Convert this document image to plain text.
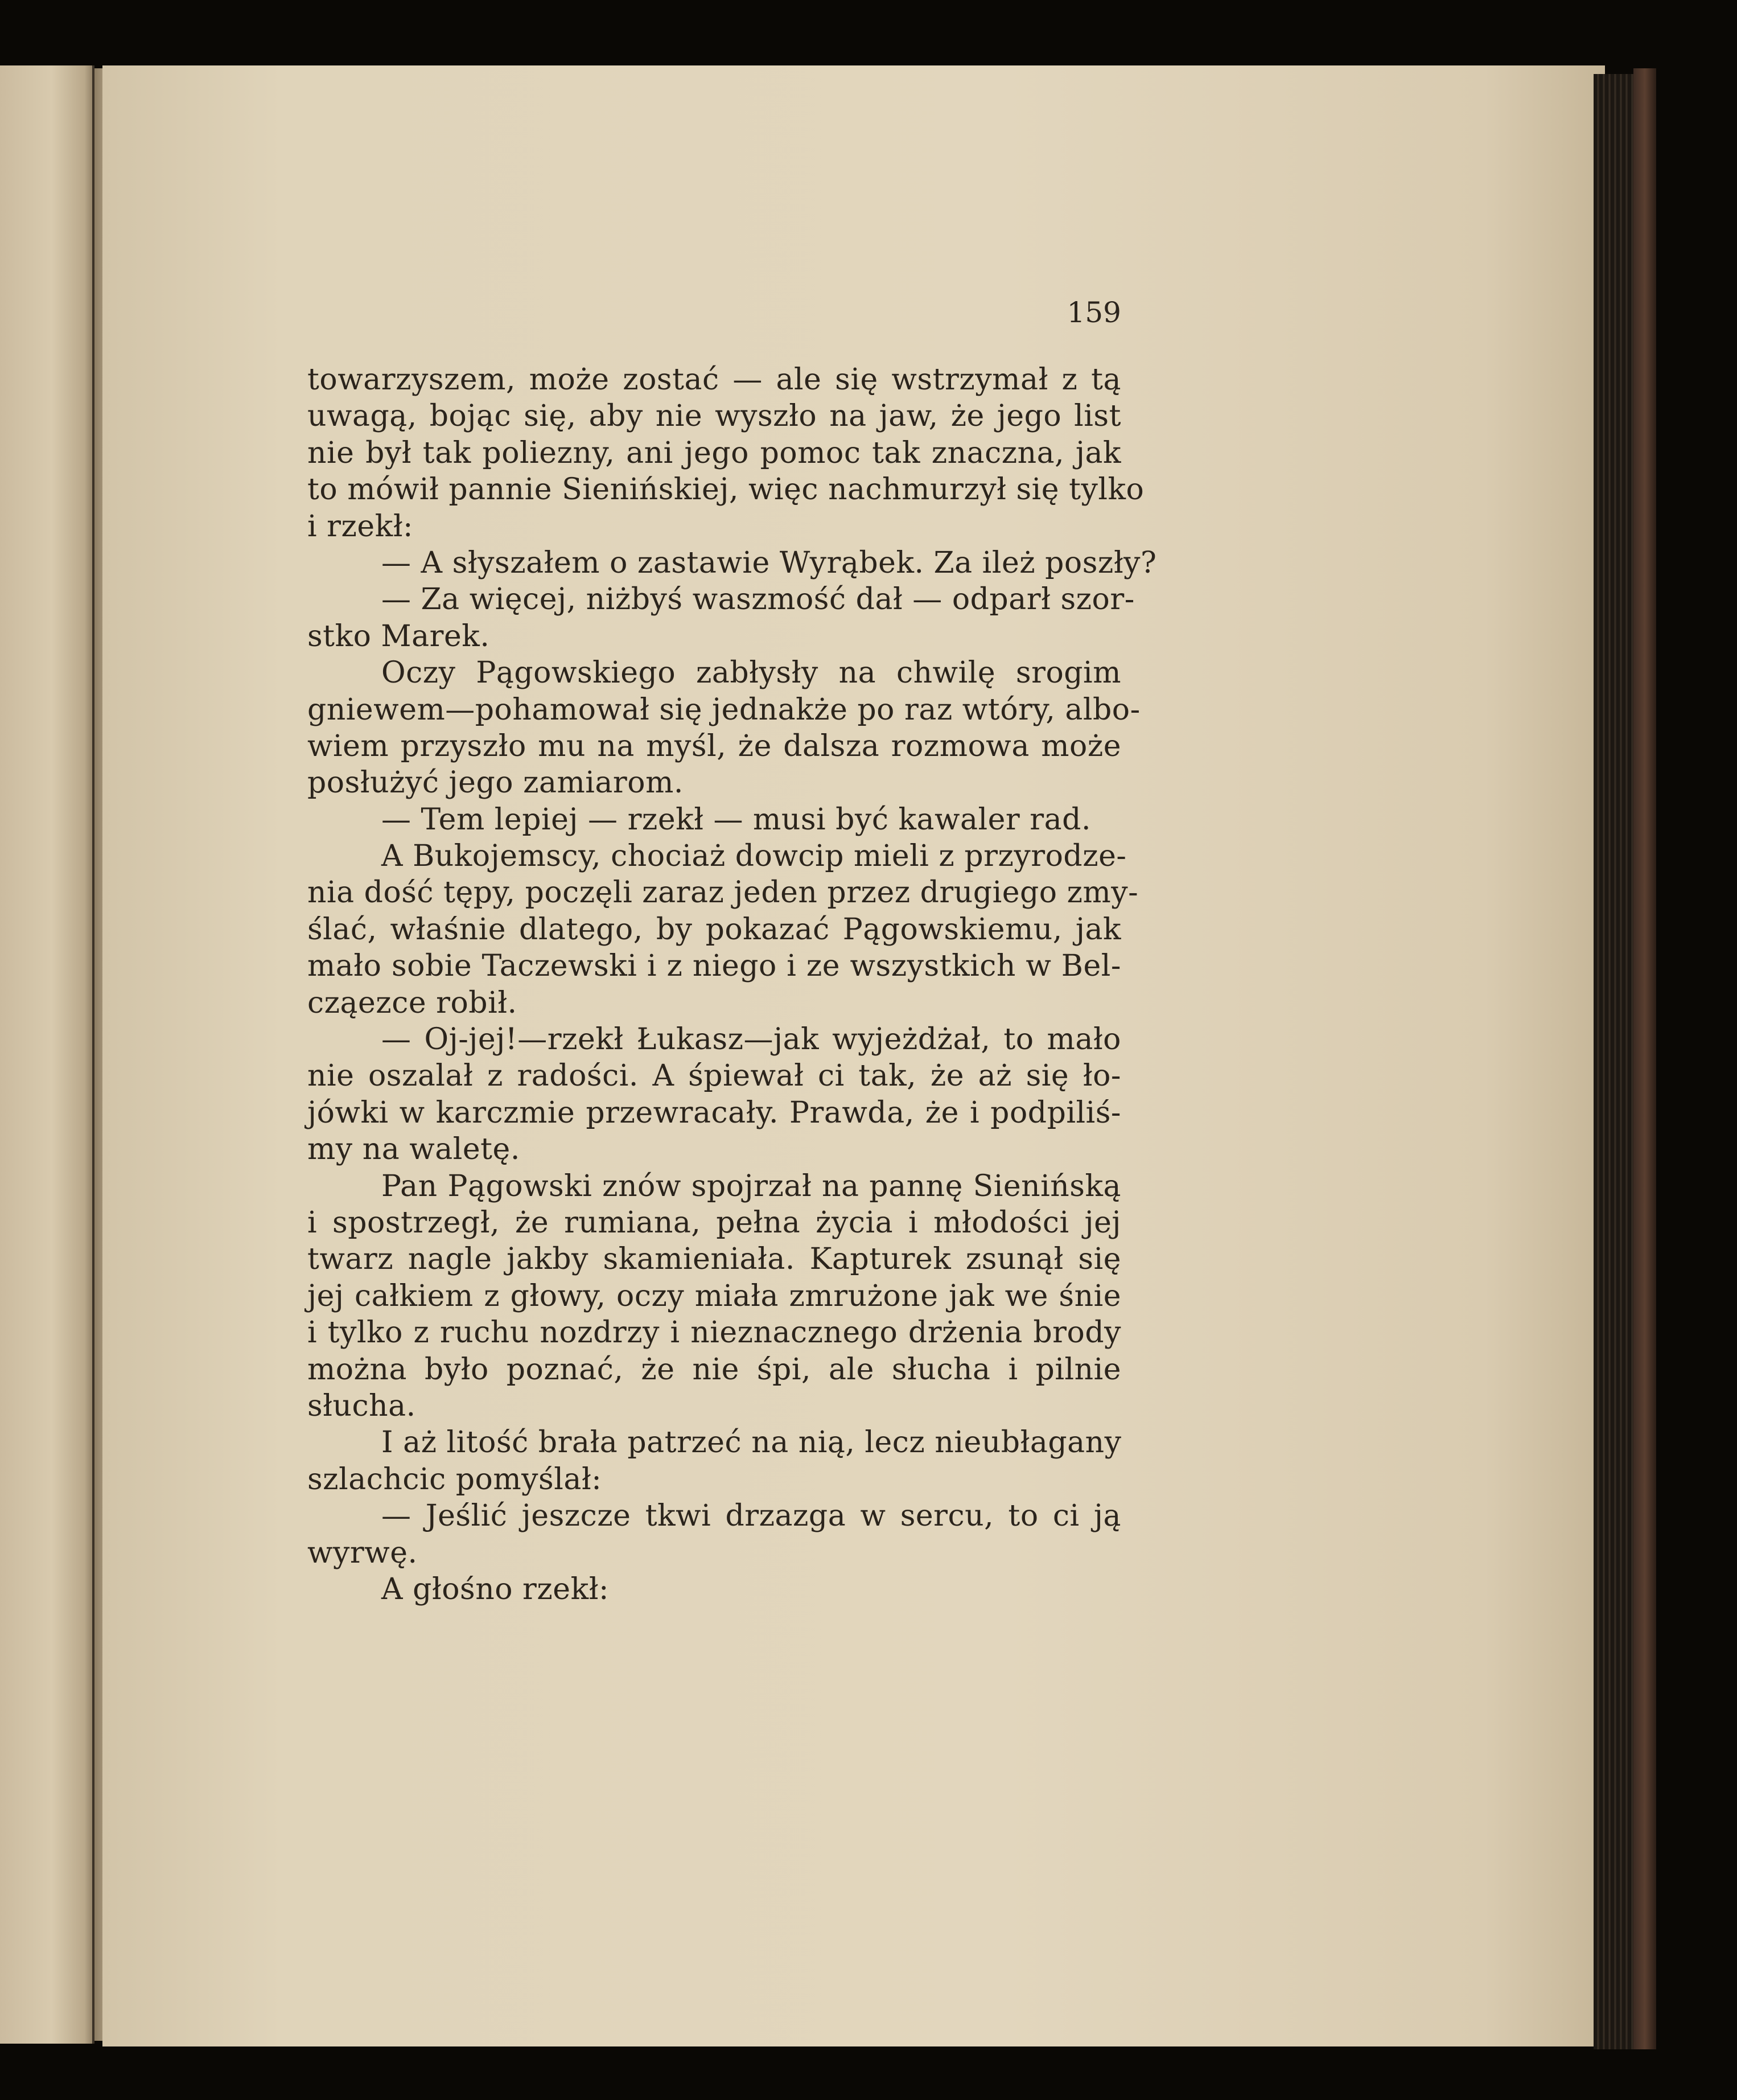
159
towarzyszem, może zostać — ale się wstrzymał z tą
uwagą, bojąc się, aby nie wyszło na jaw, że jego list
nie był tak poliezny, ani jego pomoc tak znaczna, jak
to mówił pannie Sienińskiej, więc nachmurzył się tylko
i rzekł:
— A słyszałem o zastawie Wyrąbek. Za ileż poszły?
— Za więcej, niżbyś waszmość dał — odparł szor-
stko Marek.
Oczy Pągowskiego zabłysły na chwilę srogim
gniewem—pohamował się jednakże po raz wtóry, albo-
wiem przyszło mu na myśl, że dalsza rozmowa może
posłużyć jego zamiarom.
— Tem lepiej — rzekł — musi być kawaler rad.
A Bukojemscy, chociaż dowcip mieli z przyrodze-
nia dość tępy, poczęli zaraz jeden przez drugiego zmy-
ślać, właśnie dlatego, by pokazać Pągowskiemu, jak
mało sobie Taczewski i z niego i ze wszystkich w Bel-
cząezce robił.
— Oj-jej!—rzekł Łukasz—jak wyjeżdżał, to mało
nie oszalał z radości. A śpiewał ci tak, że aż się ło-
jówki w karczmie przewracały. Prawda, że i podpiliś-
my na waletę.
Pan Pągowski znów spojrzał na pannę Sienińską
i spostrzegł, że rumiana, pełna życia i młodości jej
twarz nagle jakby skamieniała. Kapturek zsunął się
jej całkiem z głowy, oczy miała zmrużone jak we śnie
i tylko z ruchu nozdrzy i nieznacznego drżenia brody
można było poznać, że nie śpi, ale słucha i pilnie
słucha.
I aż litość brała patrzeć na nią, lecz nieubłagany
szlachcic pomyślał:
— Jeślić jeszcze tkwi drzazga w sercu, to ci ją
wyrwę.
A głośno rzekł:
